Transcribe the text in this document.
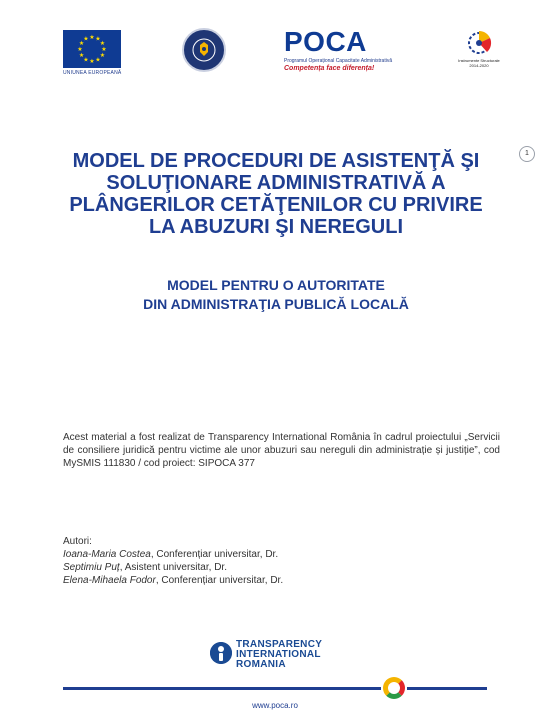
★ ★
★
★
★
★
★
★
★
★
★
★
UNIUNEA EUROPEANĂ
POCA
Programul Operațional Capacitate Administrativă
Competența face diferența!
Instrumente Structurale 2014-2020
1
MODEL DE PROCEDURI DE ASISTENŢĂ ŞI
SOLUŢIONARE ADMINISTRATIVĂ A
PLÂNGERILOR CETĂŢENILOR CU PRIVIRE
LA ABUZURI ŞI NEREGULI
MODEL PENTRU O AUTORITATE
DIN ADMINISTRAŢIA PUBLICĂ LOCALĂ
Acest material a fost realizat de Transparency International România în cadrul proiectului „Servicii de consiliere juridică pentru victime ale unor abuzuri sau nereguli din administrație și justiție”, cod MySMIS 111830 / cod proiect: SIPOCA 377
Autori:
Ioana-Maria Costea, Conferențiar universitar, Dr.
Septimiu Puț, Asistent universitar, Dr.
Elena-Mihaela Fodor, Conferențiar universitar, Dr.
TRANSPARENCY
INTERNATIONAL
ROMANIA
www.poca.ro
